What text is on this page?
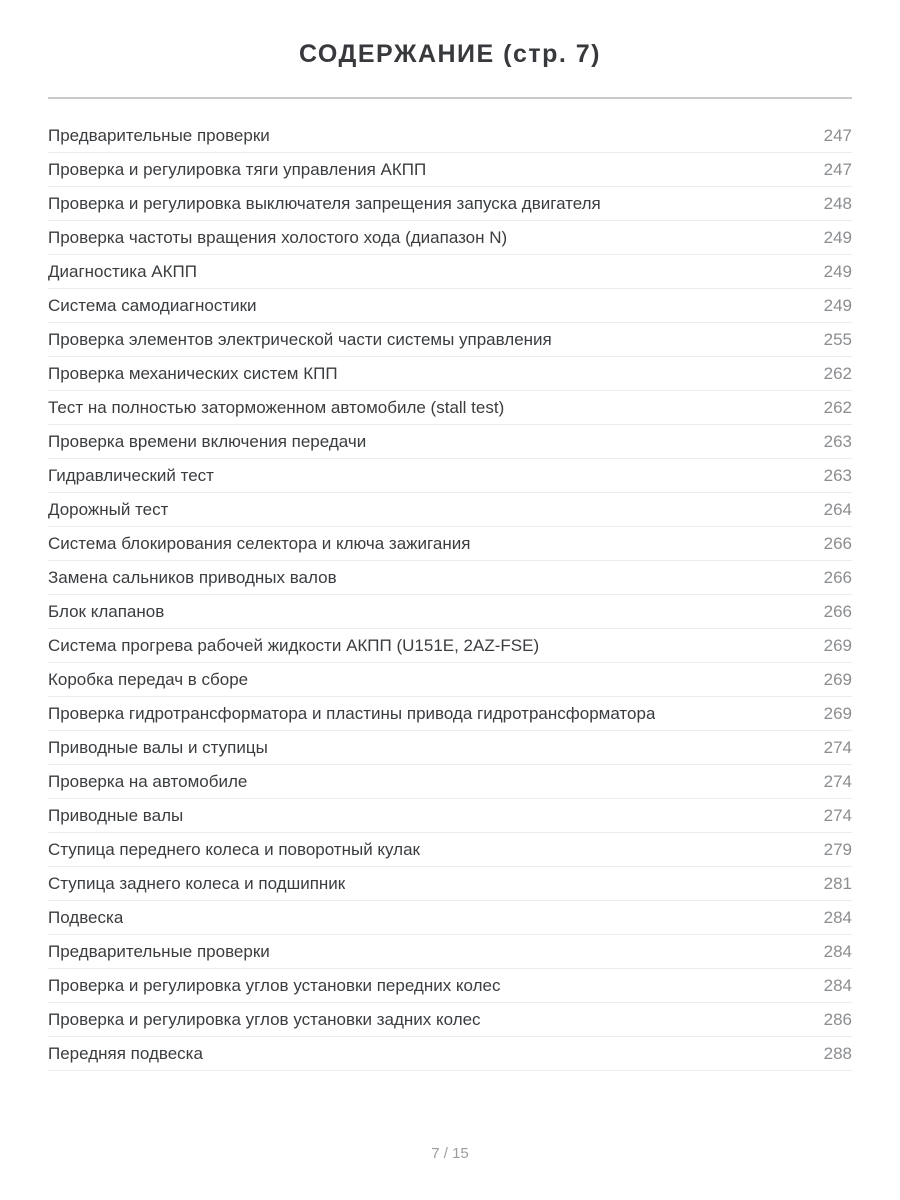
СОДЕРЖАНИЕ (стр. 7)
Предварительные проверки	247
Проверка и регулировка тяги управления АКПП	247
Проверка и регулировка выключателя запрещения запуска двигателя	248
Проверка частоты вращения холостого хода (диапазон N)	249
Диагностика АКПП	249
Система самодиагностики	249
Проверка элементов электрической части системы управления	255
Проверка механических систем КПП	262
Тест на полностью заторможенном автомобиле (stall test)	262
Проверка времени включения передачи	263
Гидравлический тест	263
Дорожный тест	264
Система блокирования селектора и ключа зажигания	266
Замена сальников приводных валов	266
Блок клапанов	266
Система прогрева рабочей жидкости АКПП (U151E, 2AZ-FSE)	269
Коробка передач в сборе	269
Проверка гидротрансформатора и пластины привода гидротрансформатора	269
Приводные валы и ступицы	274
Проверка на автомобиле	274
Приводные валы	274
Ступица переднего колеса и поворотный кулак	279
Ступица заднего колеса и подшипник	281
Подвеска	284
Предварительные проверки	284
Проверка и регулировка углов установки передних колес	284
Проверка и регулировка углов установки задних колес	286
Передняя подвеска	288
7 / 15
